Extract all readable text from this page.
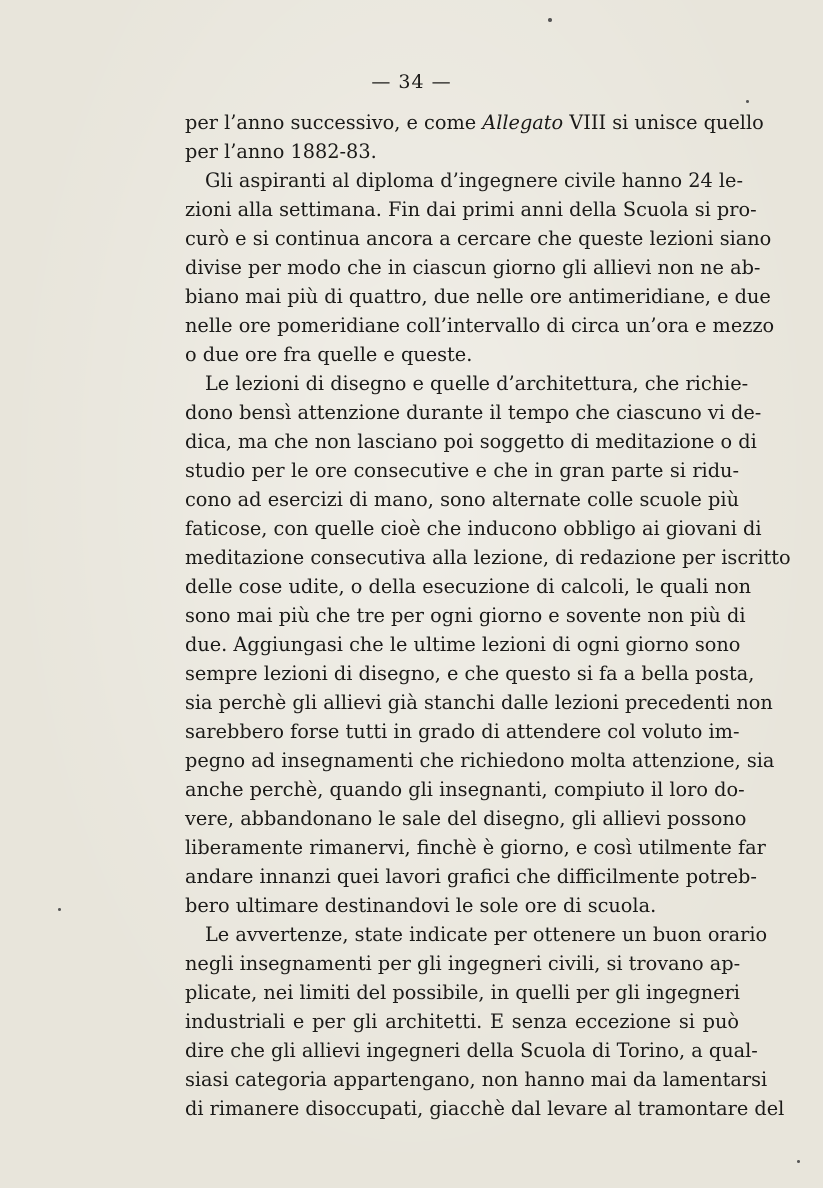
— 34 —
per l’anno successivo, e come Allegato VIII si unisce quello
per l’anno 1882-83.
Gli aspiranti al diploma d’ingegnere civile hanno 24 le-
zioni alla settimana. Fin dai primi anni della Scuola si pro-
curò e si continua ancora a cercare che queste lezioni siano
divise per modo che in ciascun giorno gli allievi non ne ab-
biano mai più di quattro, due nelle ore antimeridiane, e due
nelle ore pomeridiane coll’intervallo di circa un’ora e mezzo
o due ore fra quelle e queste.
Le lezioni di disegno e quelle d’architettura, che richie-
dono bensì attenzione durante il tempo che ciascuno vi de-
dica, ma che non lasciano poi soggetto di meditazione o di
studio per le ore consecutive e che in gran parte si ridu-
cono ad esercizi di mano, sono alternate colle scuole più
faticose, con quelle cioè che inducono obbligo ai giovani di
meditazione consecutiva alla lezione, di redazione per iscritto
delle cose udite, o della esecuzione di calcoli, le quali non
sono mai più che tre per ogni giorno e sovente non più di
due. Aggiungasi che le ultime lezioni di ogni giorno sono
sempre lezioni di disegno, e che questo si fa a bella posta,
sia perchè gli allievi già stanchi dalle lezioni precedenti non
sarebbero forse tutti in grado di attendere col voluto im-
pegno ad insegnamenti che richiedono molta attenzione, sia
anche perchè, quando gli insegnanti, compiuto il loro do-
vere, abbandonano le sale del disegno, gli allievi possono
liberamente rimanervi, finchè è giorno, e così utilmente far
andare innanzi quei lavori grafici che difficilmente potreb-
bero ultimare destinandovi le sole ore di scuola.
Le avvertenze, state indicate per ottenere un buon orario
negli insegnamenti per gli ingegneri civili, si trovano ap-
plicate, nei limiti del possibile, in quelli per gli ingegneri
industriali e per gli architetti. E senza eccezione si può
dire che gli allievi ingegneri della Scuola di Torino, a qual-
siasi categoria appartengano, non hanno mai da lamentarsi
di rimanere disoccupati, giacchè dal levare al tramontare del
